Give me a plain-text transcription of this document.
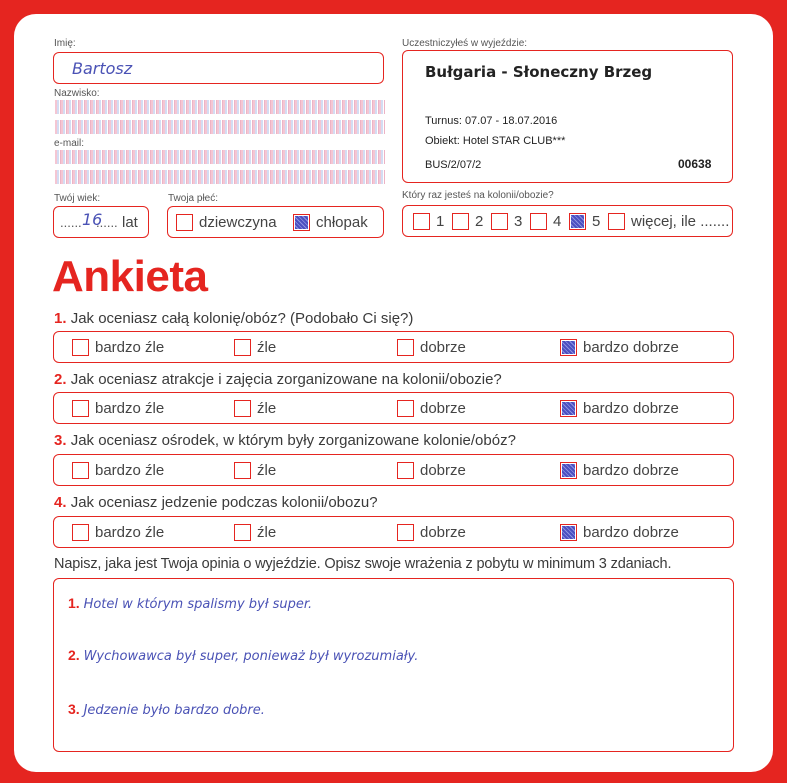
Imię:
Bartosz
Nazwisko:
e-mail:
Twój wiek:
...... 16
...... lat
Twoja płeć:
dziewczyna	chłopak
Uczestniczyłeś w wyjeździe:
Bułgaria - Słoneczny Brzeg
Turnus: 07.07 - 18.07.2016
Obiekt: Hotel STAR CLUB***
BUS/2/07/2	00638
Który raz jesteś na kolonii/obozie?
1 2 3 4 5 więcej, ile .......
Ankieta
1. Jak oceniasz całą kolonię/obóz? (Podobało Ci się?)
bardzo źle	źle	dobrze	bardzo dobrze
2. Jak oceniasz atrakcje i zajęcia zorganizowane na kolonii/obozie?
bardzo źle	źle	dobrze	bardzo dobrze
3. Jak oceniasz ośrodek, w którym były zorganizowane kolonie/obóz?
bardzo źle	źle	dobrze	bardzo dobrze
4. Jak oceniasz jedzenie podczas kolonii/obozu?
bardzo źle	źle	dobrze	bardzo dobrze
Napisz, jaka jest Twoja opinia o wyjeździe. Opisz swoje wrażenia z pobytu w minimum 3 zdaniach.
1. Hotel w którym spalismy był super.
2. Wychowawca był super, ponieważ był wyrozumiały.
3. Jedzenie było bardzo dobre.
